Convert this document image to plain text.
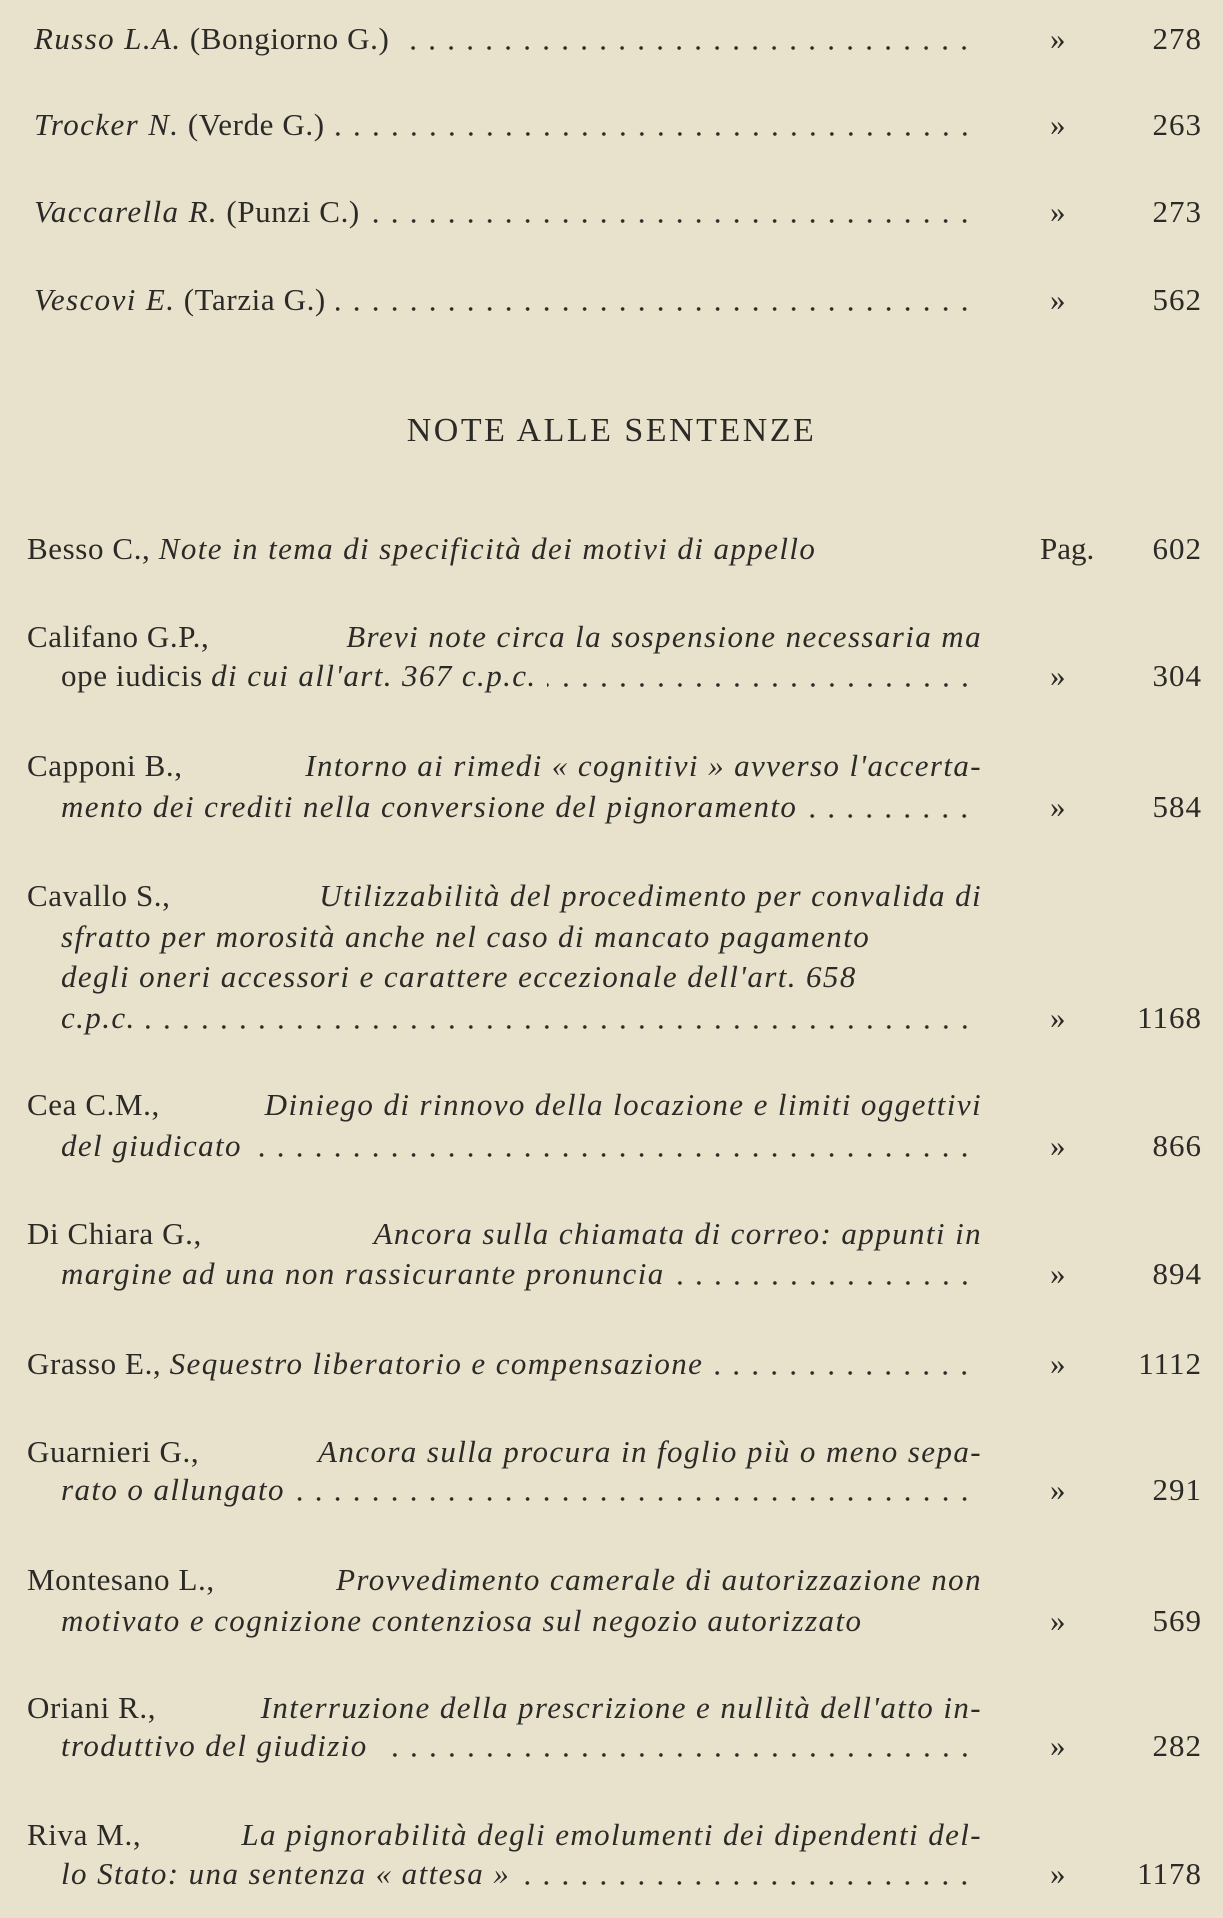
NOTE ALLE SENTENZE
Russo L.A. (Bongiorno G.)	»	278
Trocker N. (Verde G.)	»	263
Vaccarella R. (Punzi C.)	»	273
Vescovi E. (Tarzia G.)	»	562
Besso C., Note in tema di specificità dei motivi di appello	Pag.	602
Califano G.P.,	Brevi note circa la sospensione necessaria ma
ope iudicis di cui all'art. 367 c.p.c.	»	304
Capponi B.,	Intorno ai rimedi « cognitivi » avverso l'accerta-
mento dei crediti nella conversione del pignoramento	»	584
Cavallo S.,	Utilizzabilità del procedimento per convalida di
sfratto per morosità anche nel caso di mancato pagamento
degli oneri accessori e carattere eccezionale dell'art. 658
c.p.c.	»	1168
Cea C.M.,	Diniego di rinnovo della locazione e limiti oggettivi
del giudicato	»	866
Di Chiara G.,	Ancora sulla chiamata di correo: appunti in
margine ad una non rassicurante pronuncia	»	894
Grasso E., Sequestro liberatorio e compensazione	»	1112
Guarnieri G.,	Ancora sulla procura in foglio più o meno sepa-
rato o allungato	»	291
Montesano L.,	Provvedimento camerale di autorizzazione non
motivato e cognizione contenziosa sul negozio autorizzato	»	569
Oriani R.,	Interruzione della prescrizione e nullità dell'atto in-
troduttivo del giudizio	»	282
Riva M.,	La pignorabilità degli emolumenti dei dipendenti del-
lo Stato: una sentenza « attesa »	»	1178
